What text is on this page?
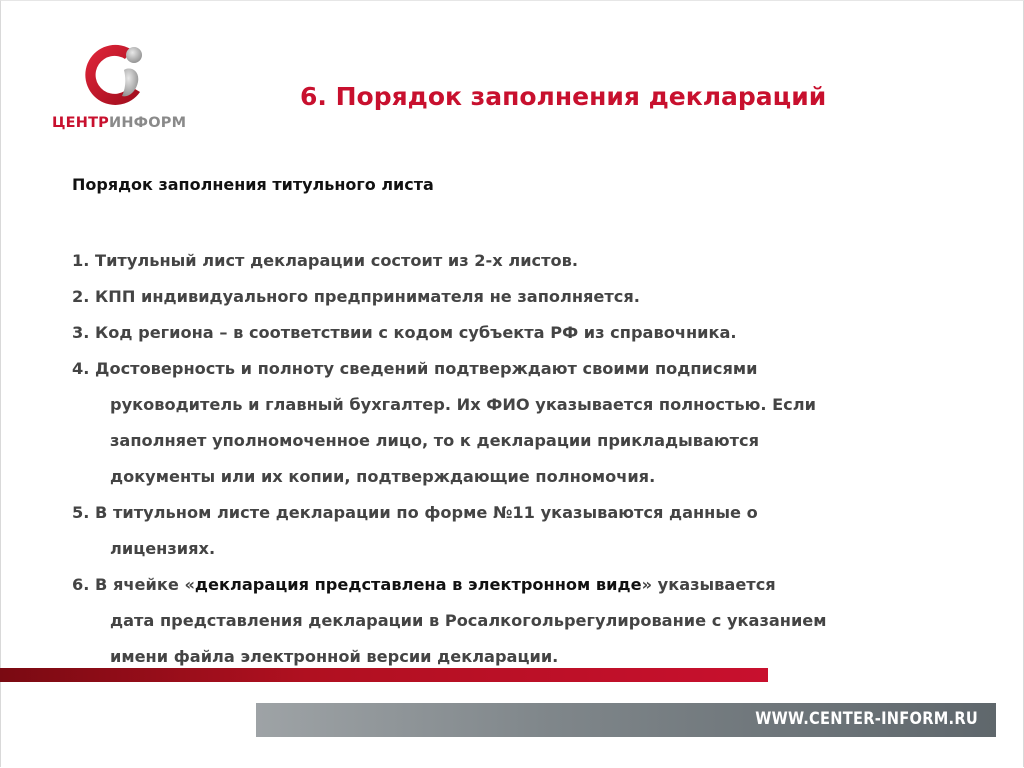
ЦЕНТРИНФОРМ
6. Порядок заполнения деклараций
Порядок заполнения титульного листа
1. Титульный лист декларации состоит из 2-х листов.
2. КПП индивидуального предпринимателя не заполняется.
3. Код региона – в соответствии с кодом субъекта РФ из справочника.
4. Достоверность и полноту сведений подтверждают своими подписями
руководитель и главный бухгалтер. Их ФИО указывается полностью. Если
заполняет уполномоченное лицо, то к декларации прикладываются
документы или их копии, подтверждающие полномочия.
5. В титульном листе декларации по форме №11 указываются данные о
лицензиях.
6. В ячейке «декларация представлена в электронном виде» указывается
дата представления декларации в Росалкогольрегулирование с указанием
имени файла электронной версии декларации.
WWW.CENTER-INFORM.RU
